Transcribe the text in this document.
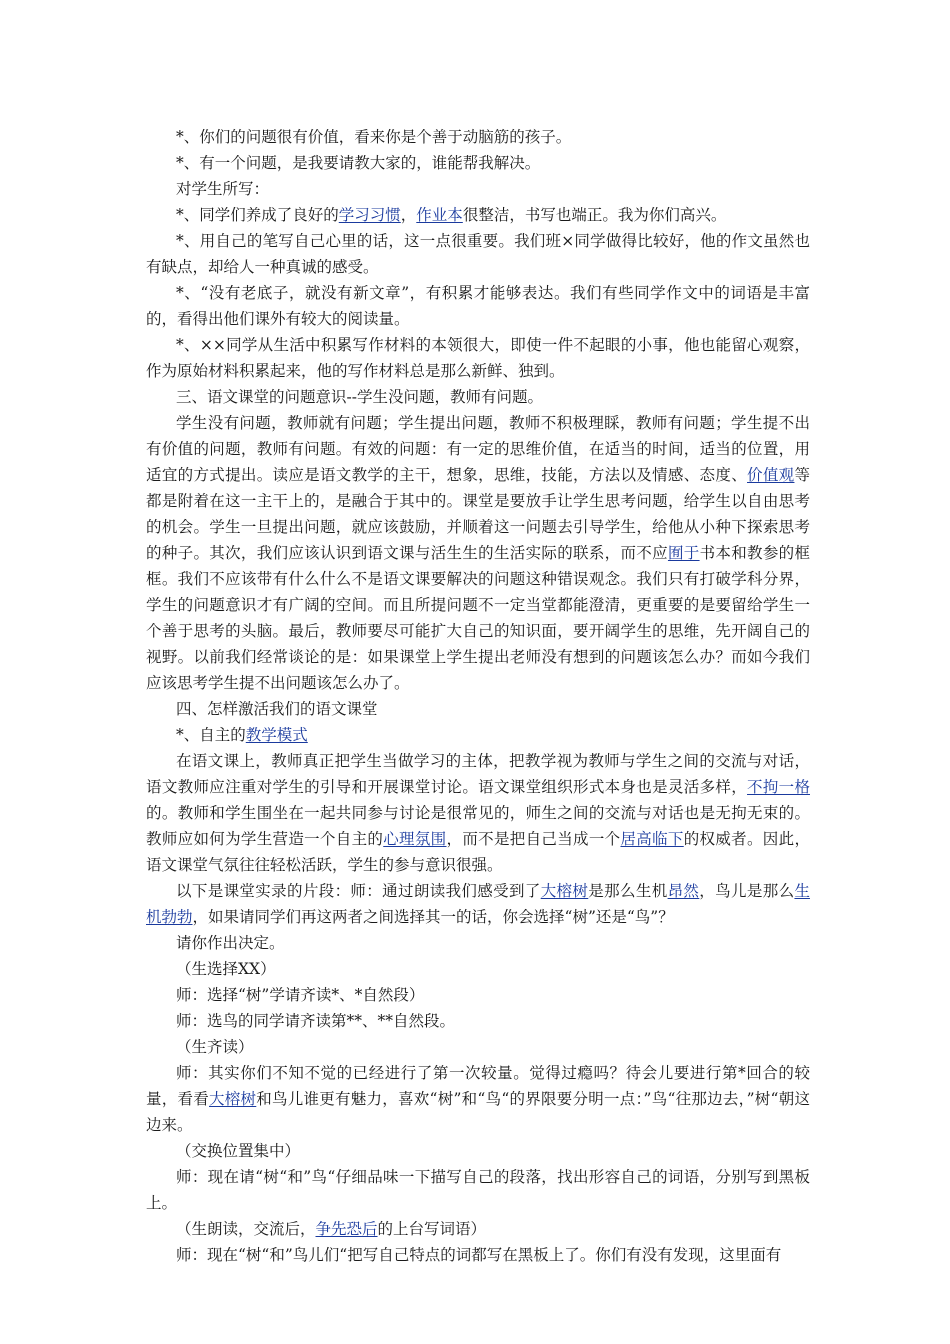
*、你们的问题很有价值，看来你是个善于动脑筋的孩子。

*、有一个问题，是我要请教大家的，谁能帮我解决。

对学生所写：

*、同学们养成了良好的学习习惯，作业本很整洁，书写也端正。我为你们高兴。

*、用自己的笔写自己心里的话，这一点很重要。我们班×同学做得比较好，他的作文虽然也有缺点，却给人一种真诚的感受。

*、“没有老底子，就没有新文章”，有积累才能够表达。我们有些同学作文中的词语是丰富的，看得出他们课外有较大的阅读量。

*、××同学从生活中积累写作材料的本领很大，即使一件不起眼的小事，他也能留心观察，作为原始材料积累起来，他的写作材料总是那么新鲜、独到。

三、语文课堂的问题意识--学生没问题，教师有问题。

学生没有问题，教师就有问题；学生提出问题，教师不积极理睬，教师有问题；学生提不出有价值的问题，教师有问题。有效的问题：有一定的思维价值，在适当的时间，适当的位置，用适宜的方式提出。读应是语文教学的主干，想象，思维，技能，方法以及情感、态度、价值观等都是附着在这一主干上的，是融合于其中的。课堂是要放手让学生思考问题，给学生以自由思考的机会。学生一旦提出问题，就应该鼓励，并顺着这一问题去引导学生，给他从小种下探索思考的种子。其次，我们应该认识到语文课与活生生的生活实际的联系，而不应囿于书本和教参的框框。我们不应该带有什么什么不是语文课要解决的问题这种错误观念。我们只有打破学科分界，学生的问题意识才有广阔的空间。而且所提问题不一定当堂都能澄清，更重要的是要留给学生一个善于思考的头脑。最后，教师要尽可能扩大自己的知识面，要开阔学生的思维，先开阔自己的视野。以前我们经常谈论的是：如果课堂上学生提出老师没有想到的问题该怎么办？而如今我们应该思考学生提不出问题该怎么办了。

四、怎样激活我们的语文课堂

*、自主的教学模式

在语文课上，教师真正把学生当做学习的主体，把教学视为教师与学生之间的交流与对话，语文教师应注重对学生的引导和开展课堂讨论。语文课堂组织形式本身也是灵活多样，不拘一格的。教师和学生围坐在一起共同参与讨论是很常见的，师生之间的交流与对话也是无拘无束的。教师应如何为学生营造一个自主的心理氛围，而不是把自己当成一个居高临下的权威者。因此，语文课堂气氛往往轻松活跃，学生的参与意识很强。

以下是课堂实录的片段：师：通过朗读我们感受到了大榕树是那么生机昂然，鸟儿是那么生机勃勃，如果请同学们再这两者之间选择其一的话，你会选择“树”还是“鸟”？

请你作出决定。

（生选择XX）

师：选择“树”学请齐读*、*自然段）

师：选鸟的同学请齐读第**、**自然段。

（生齐读）

师：其实你们不知不觉的已经进行了第一次较量。觉得过瘾吗？待会儿要进行第*回合的较量，看看大榕树和鸟儿谁更有魅力，喜欢“树”和“鸟“的界限要分明一点：”鸟“往那边去，”树“朝这边来。

（交换位置集中）

师：现在请“树“和”鸟“仔细品味一下描写自己的段落，找出形容自己的词语，分别写到黑板上。

（生朗读，交流后，争先恐后的上台写词语）

师：现在“树“和”鸟儿们“把写自己特点的词都写在黑板上了。你们有没有发现，这里面有
